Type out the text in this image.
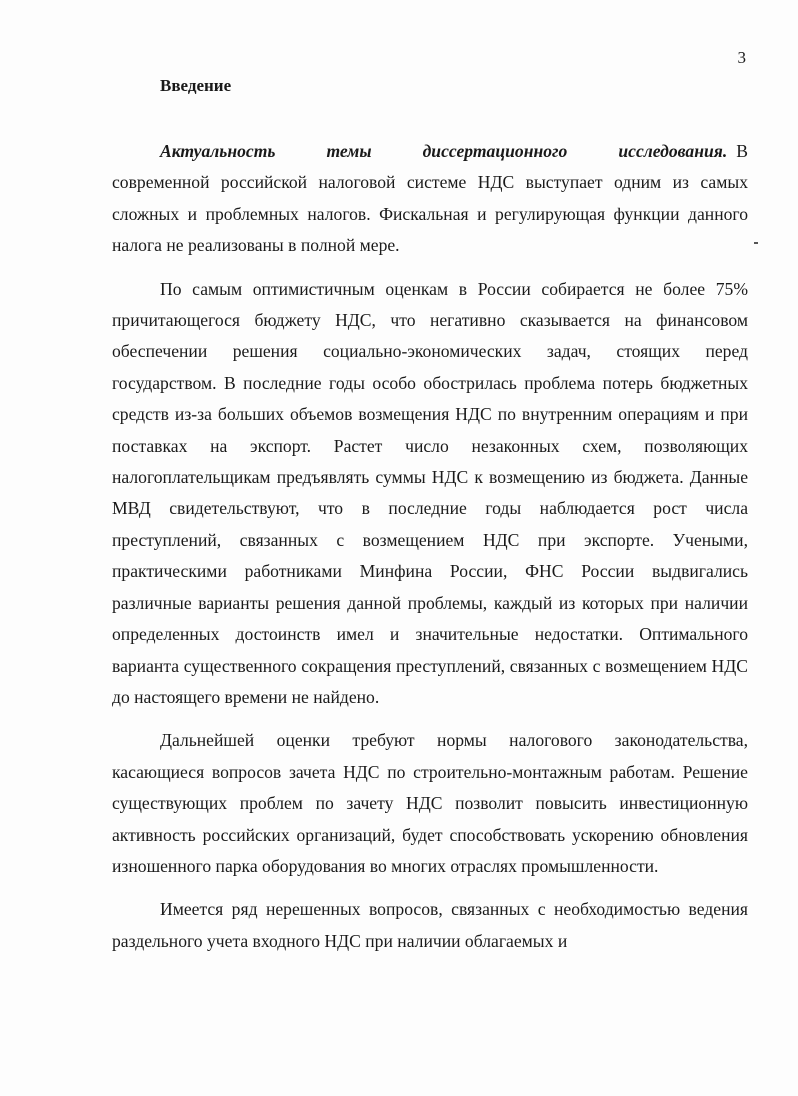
3
Введение

Актуальность темы диссертационного исследования. В современной российской налоговой системе НДС выступает одним из самых сложных и проблемных налогов. Фискальная и регулирующая функции данного налога не реализованы в полной мере.

По самым оптимистичным оценкам в России собирается не более 75% причитающегося бюджету НДС, что негативно сказывается на финансовом обеспечении решения социально-экономических задач, стоящих перед государством. В последние годы особо обострилась проблема потерь бюджетных средств из-за больших объемов возмещения НДС по внутренним операциям и при поставках на экспорт. Растет число незаконных схем, позволяющих налогоплательщикам предъявлять суммы НДС к возмещению из бюджета. Данные МВД свидетельствуют, что в последние годы наблюдается рост числа преступлений, связанных с возмещением НДС при экспорте. Учеными, практическими работниками Минфина России, ФНС России выдвигались различные варианты решения данной проблемы, каждый из которых при наличии определенных достоинств имел и значительные недостатки. Оптимального варианта существенного сокращения преступлений, связанных с возмещением НДС до настоящего времени не найдено.

Дальнейшей оценки требуют нормы налогового законодательства, касающиеся вопросов зачета НДС по строительно-монтажным работам. Решение существующих проблем по зачету НДС позволит повысить инвестиционную активность российских организаций, будет способствовать ускорению обновления изношенного парка оборудования во многих отраслях промышленности.

Имеется ряд нерешенных вопросов, связанных с необходимостью ведения раздельного учета входного НДС при наличии облагаемых и
